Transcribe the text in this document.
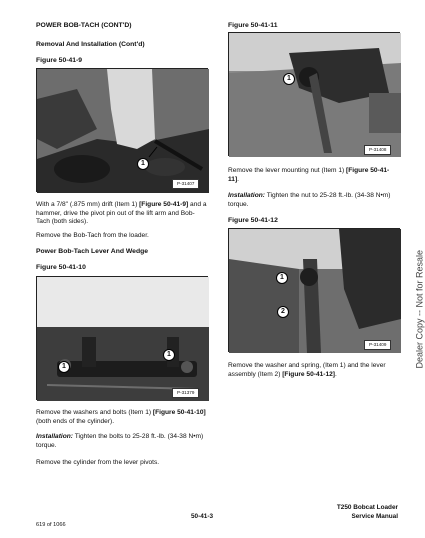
POWER BOB-TACH (CONT'D)
Removal And Installation (Cont'd)
Figure 50-41-9
1
P-31407
With a 7/8" (.875 mm) drift (Item 1) [Figure 50-41-9] and a hammer, drive the pivot pin out of the lift arm and Bob-Tach (both sides).
Remove the Bob-Tach from the loader.
Power Bob-Tach Lever And Wedge
Figure 50-41-10
1
1
P-31379
Remove the washers and bolts (Item 1) [Figure 50-41-10] (both ends of the cylinder).
Installation: Tighten the bolts to 25-28 ft.-lb. (34-38 N•m) torque.
Remove the cylinder from the lever pivots.
Figure 50-41-11
1
P-31408
Remove the lever mounting nut (Item 1) [Figure 50-41-11].
Installation: Tighten the nut to 25-28 ft.-lb. (34-38 N•m) torque.
Figure 50-41-12
1
2
P-31409
Remove the washer and spring, (Item 1) and the lever assembly (Item 2) [Figure 50-41-12].
Dealer Copy -- Not for Resale
50-41-3
T250 Bobcat Loader
Service Manual
619 of 1066
